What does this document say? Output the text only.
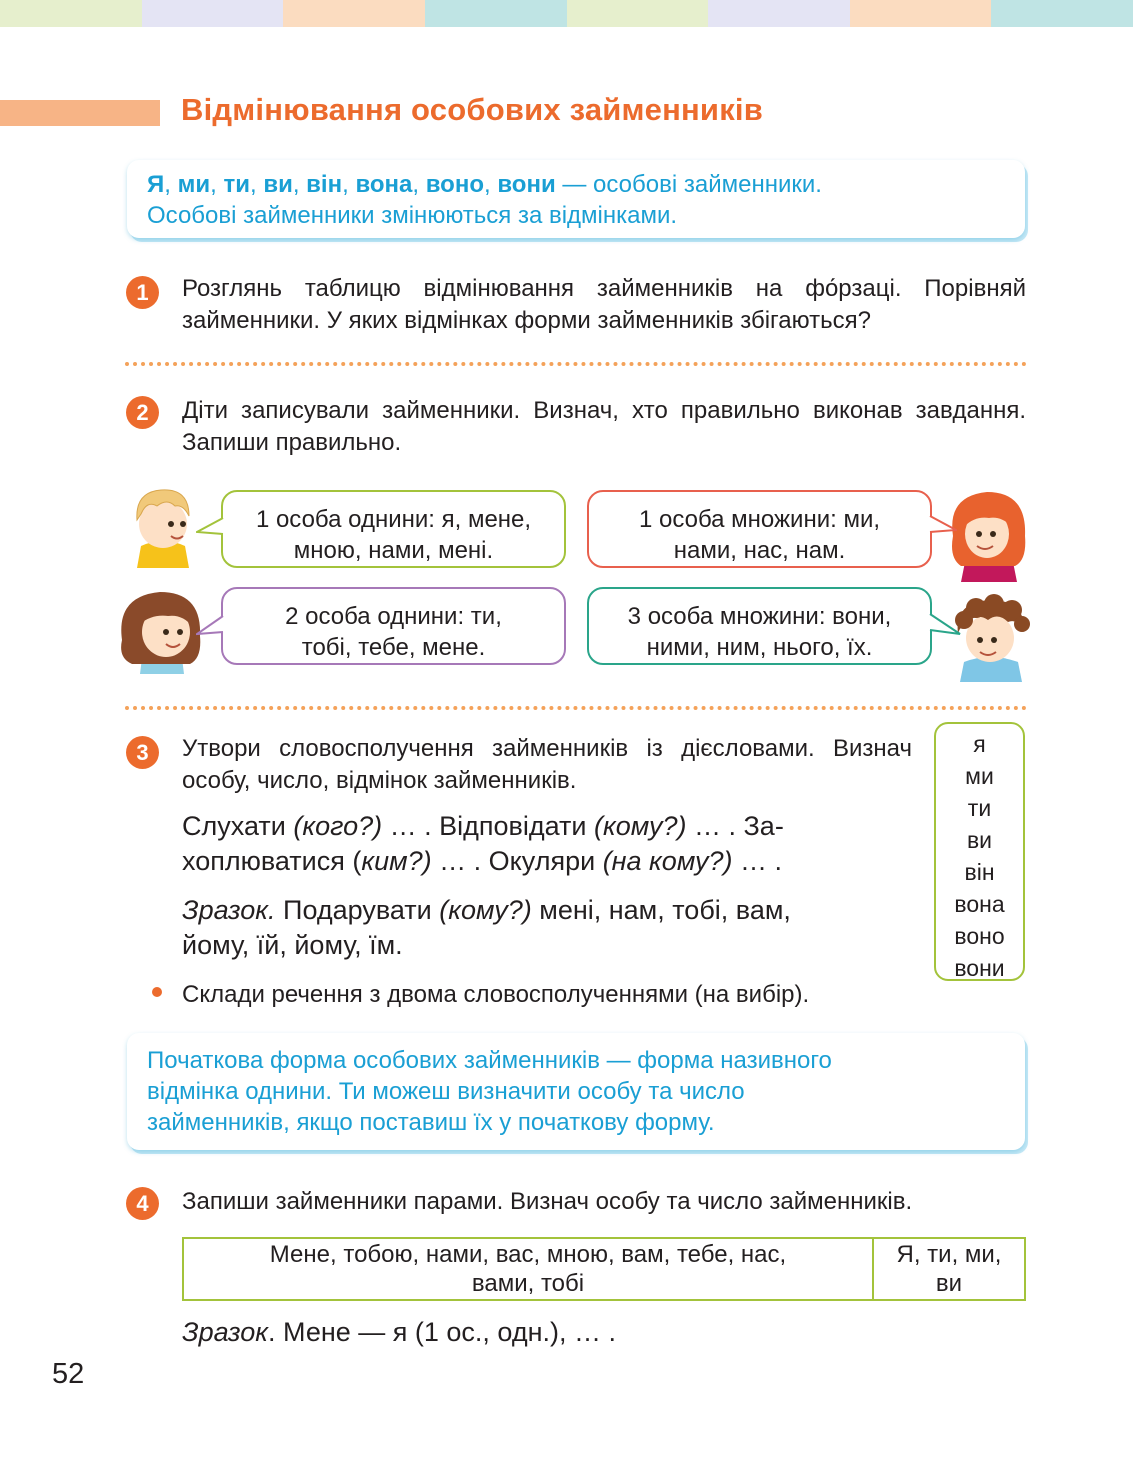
Відмінювання особових займенників
Я, ми, ти, ви, він, вона, воно, вони — особові займенники.
Особові займенники змінюються за відмінками.
1	Розглянь таблицю відмінювання займенників на фо́рзаці. Порівняй займенники. У яких відмінках форми займенників збігаються?
2	Діти записували займенники. Визнач, хто правильно виконав завдання. Запиши правильно.
1 особа однини: я, мене,
мною, нами, мені.
1 особа множини: ми,
нами, нас, нам.
2 особа однини: ти,
тобі, тебе, мене.
3 особа множини: вони,
ними, ним, нього, їх.
3	Утвори словосполучення займенників із дієсловами. Визнач особу, число, відмінок займенників.
Слухати (кого?) … . Відповідати (кому?) … . За-
хоплюватися (ким?) … . Окуляри (на кому?) … .
Зразок. Подарувати (кому?) мені, нам, тобі, вам,
йому, їй, йому, їм.
я
ми
ти
ви
він
вона
воно
вони
Склади речення з двома словосполученнями (на вибір).
Початкова форма особових займенників — форма називного
відмінка однини. Ти можеш визначити особу та число
займенників, якщо поставиш їх у початкову форму.
4	Запиши займенники парами. Визнач особу та число займенників.
Мене, тобою, нами, вас, мною, вам, тебе, нас,
вами, тобі

Я, ти, ми,
ви
Зразок. Мене — я (1 ос., одн.), … .
52
